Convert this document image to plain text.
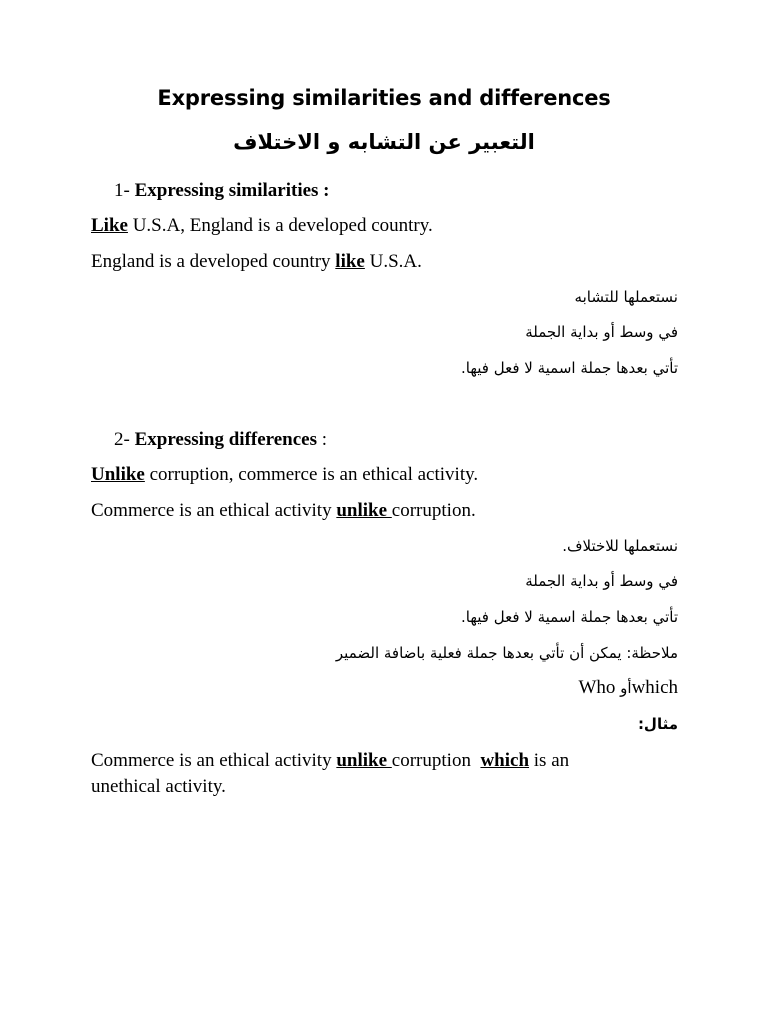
Expressing similarities and differences
التعبير عن التشابه و الاختلاف
1- Expressing similarities :
Like U.S.A, England is a developed country.
England is a developed country like U.S.A.
نستعملها للتشابه
في وسط أو بداية الجملة
تأتي بعدها جملة اسمية لا فعل فيها.
2- Expressing differences :
Unlike corruption, commerce is an ethical activity.
Commerce is an ethical activity unlike corruption.
نستعملها للاختلاف.
في وسط أو بداية الجملة
تأتي بعدها جملة اسمية لا فعل فيها.
ملاحظة: يمكن أن تأتي بعدها جملة فعلية باضافة الضمير
Who أوwhich
مثال:
Commerce is an ethical activity unlike corruption  which is an unethical activity.
